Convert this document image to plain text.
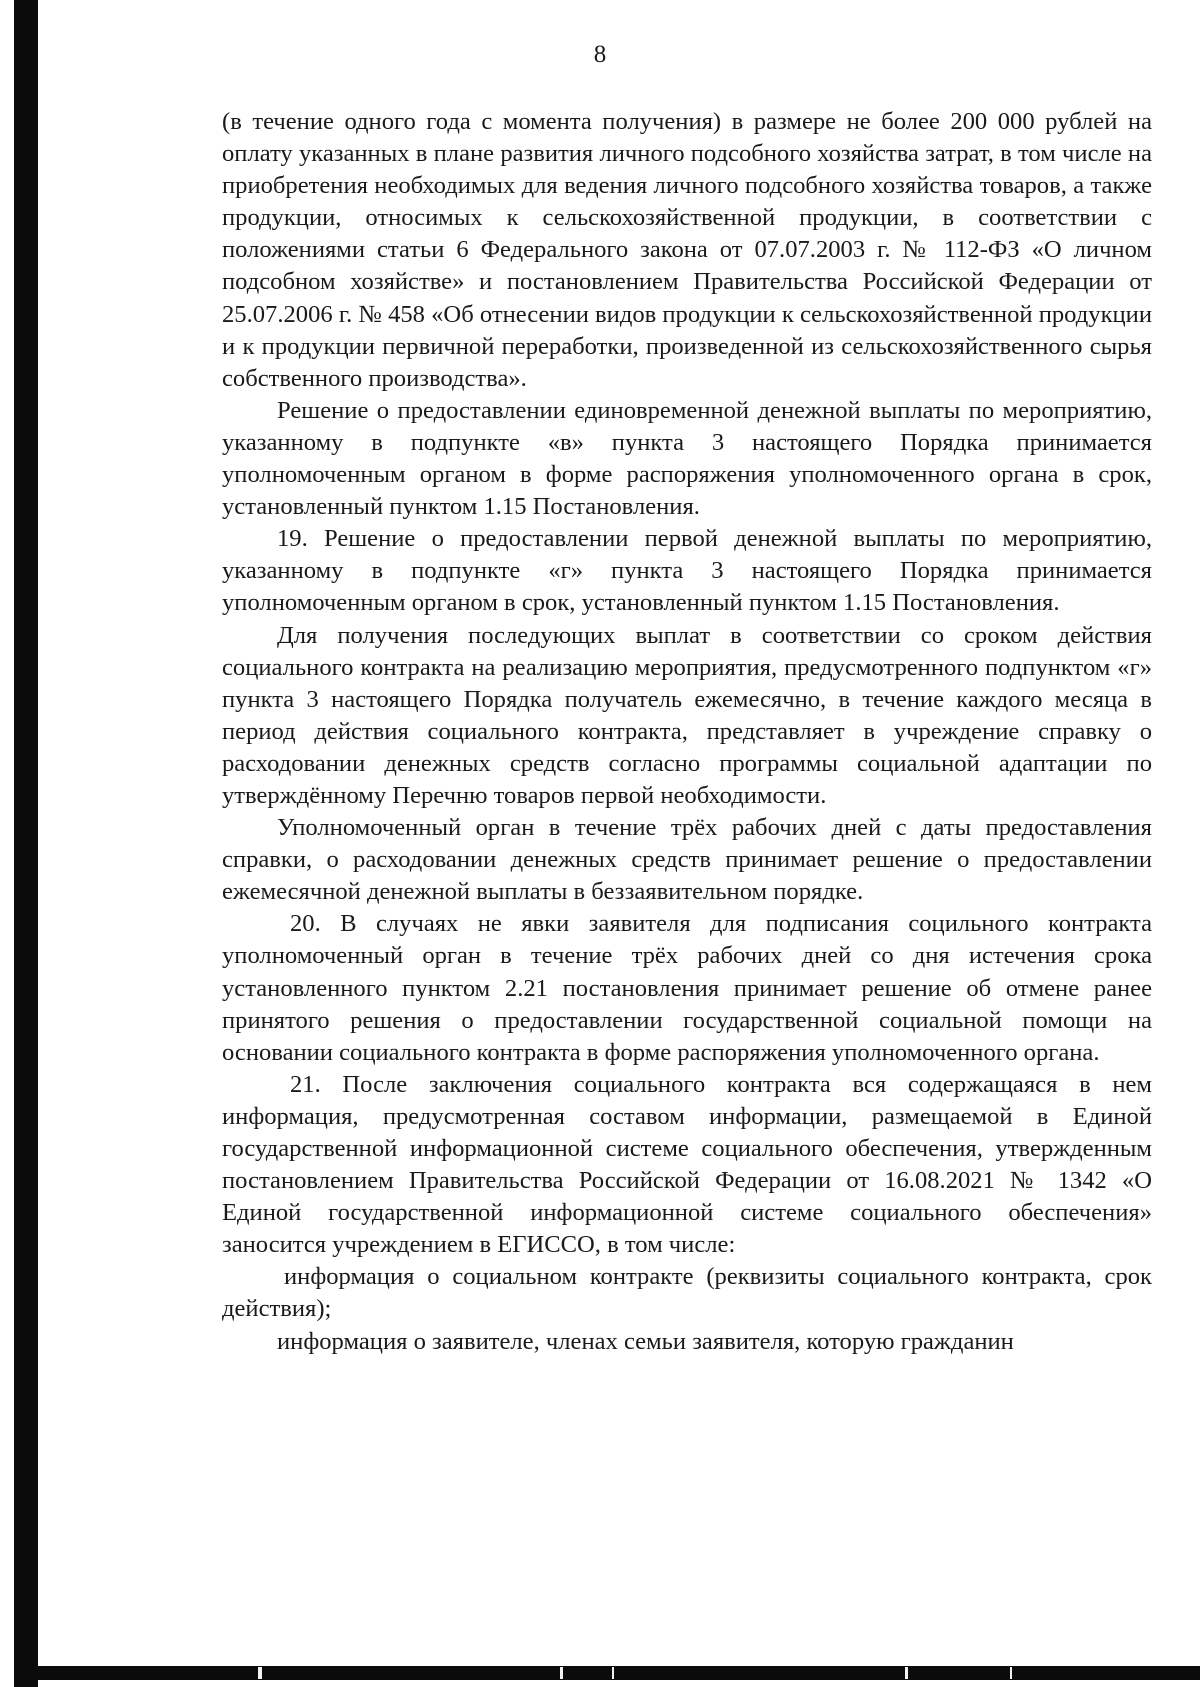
8

(в течение одного года с момента получения) в размере не более 200 000 рублей на оплату указанных в плане развития личного подсобного хозяйства затрат, в том числе на приобретения необходимых для ведения личного подсобного хозяйства товаров, а также продукции, относимых к сельскохозяйственной продукции, в соответствии с положениями статьи 6 Федерального закона от 07.07.2003 г. № 112-ФЗ «О личном подсобном хозяйстве» и постановлением Правительства Российской Федерации от 25.07.2006 г. № 458 «Об отнесении видов продукции к сельскохозяйственной продукции и к продукции первичной переработки, произведенной из сельскохозяйственного сырья собственного производства».

Решение о предоставлении единовременной денежной выплаты по мероприятию, указанному в подпункте «в» пункта 3 настоящего Порядка принимается уполномоченным органом в форме распоряжения уполномоченного органа в срок, установленный пунктом 1.15 Постановления.

19. Решение о предоставлении первой денежной выплаты по мероприятию, указанному в подпункте «г» пункта 3 настоящего Порядка принимается уполномоченным органом в срок, установленный пунктом 1.15 Постановления.

Для получения последующих выплат в соответствии со сроком действия социального контракта на реализацию мероприятия, предусмотренного подпунктом «г» пункта 3 настоящего Порядка получатель ежемесячно, в течение каждого месяца в период действия социального контракта, представляет в учреждение справку о расходовании денежных средств согласно программы социальной адаптации по утверждённому Перечню товаров первой необходимости.

Уполномоченный орган в течение трёх рабочих дней с даты предоставления справки, о расходовании денежных средств принимает решение о предоставлении ежемесячной денежной выплаты в беззаявительном порядке.

20. В случаях не явки заявителя для подписания социльного контракта уполномоченный орган в течение трёх рабочих дней со дня истечения срока установленного пунктом 2.21 постановления принимает решение об отмене ранее принятого решения о предоставлении государственной социальной помощи на основании социального контракта в форме распоряжения уполномоченного органа.

21. После заключения социального контракта вся содержащаяся в нем информация, предусмотренная составом информации, размещаемой в Единой государственной информационной системе социального обеспечения, утвержденным постановлением Правительства Российской Федерации от 16.08.2021 № 1342 «О Единой государственной информационной системе социального обеспечения» заносится учреждением в ЕГИССО, в том числе:

информация о социальном контракте (реквизиты социального контракта, срок действия);

информация о заявителе, членах семьи заявителя, которую гражданин
